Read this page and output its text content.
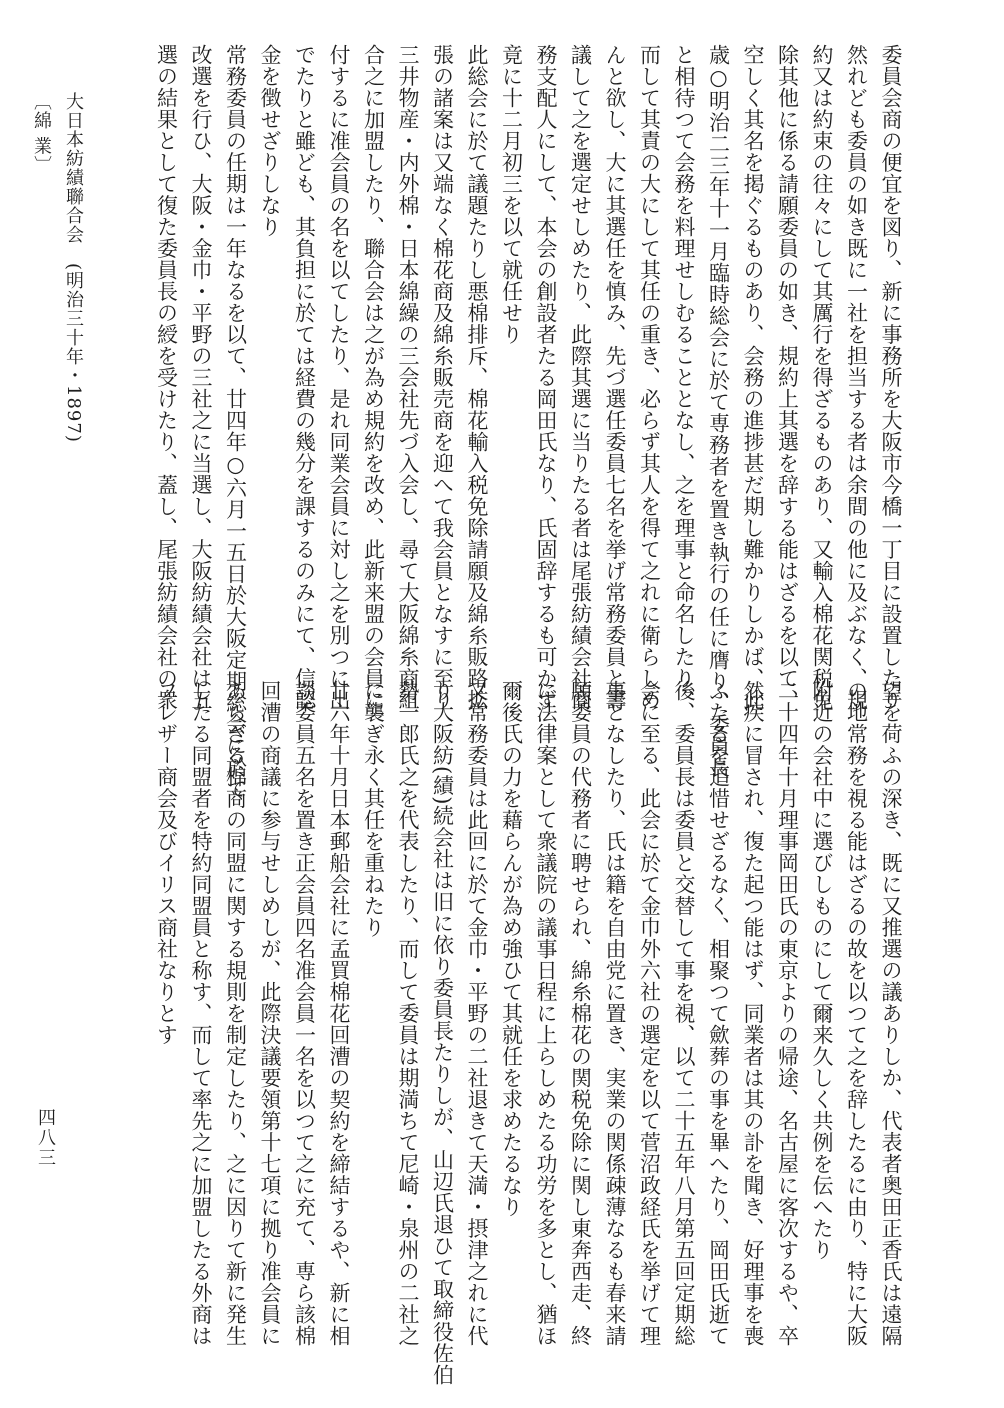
委員会商の便宜を図り、新に事務所を大阪市今橋一丁目に設置したり

然れども委員の如き既に一社を担当する者は余間の他に及ぶなく、規

約又は約束の往々にして其厲行を得ざるものあり、又輸入棉花関税免

除其他に係る請願委員の如き、規約上其選を辞する能はざるを以て、

空しく其名を掲ぐるものあり、会務の進捗甚だ期し難かりしかば、此

歳○明治二三年十一月臨時総会に於て専務者を置き執行の任に膺り、委員長

と相待つて会務を料理せしむることとなし、之を理事と命名したり、

而して其責の大にして其任の重き、必らず其人を得て之れに衛らしめ

んと欲し、大に其選任を慎み、先づ選任委員七名を挙げ常務委員と籌

議して之を選定せしめたり、此際其選に当りたる者は尾張紡績会社商

務支配人にして、本会の創設者たる岡田氏なり、氏固辞するも可かず

竟に十二月初三を以て就任せり

此総会に於て議題たりし悪棉排斥、棉花輸入税免除請願及綿糸販路拡

張の諸案は又端なく棉花商及綿糸販売商を迎へて我会員となすに至り

三井物産・内外棉・日本綿繰の三会社先づ入会し、尋て大阪綿糸商組

合之に加盟したり、聯合会は之が為め規約を改め、此新来盟の会員に

付するに准会員の名を以てしたり、是れ同業会員に対し之を別つに出

でたりと雖ども、其負担に於ては経費の幾分を課するのみにて、信認

金を徴せざりしなり

常務委員の任期は一年なるを以て、廿四年○六月一五日於大阪定期総会に於て

改選を行ひ、大阪・金巾・平野の三社之に当選し、大阪紡績会社は五

選の結果として復た委員長の綬を受けたり、蓋し、尾張紡績会社の衆

望を荷ふの深き、既に又推選の議ありしか、代表者奥田正香氏は遠隔

の地常務を視る能はざるの故を以つて之を辞したるに由り、特に大阪

附近の会社中に選びしものにして爾来久しく共例を伝へたり

二十四年十月理事岡田氏の東京よりの帰途、名古屋に客次するや、卒

然疾に冒され、復た起つ能はず、同業者は其の訃を聞き、好理事を喪

ふたるを追惜せざるなく、相聚つて歛葬の事を畢へたり、岡田氏逝て

後、委員長は委員と交替して事を視、以て二十五年八月第五回定期総

会に至る、此会に於て金巾外六社の選定を以て菅沼政経氏を挙げて理

事となしたり、氏は籍を自由党に置き、実業の関係疎薄なるも春来請

願委員の代務者に聘せられ、綿糸棉花の関税免除に関し東奔西走、終

に法律案として衆議院の議事日程に上らしめたる功労を多とし、猶ほ

爾後氏の力を藉らんが為め強ひて其就任を求めたるなり

又常務委員は此回に於て金巾・平野の二社退きて天満・摂津之れに代

り大阪紡(績)続会社は旧に依り委員長たりしが、山辺氏退ひて取締役佐伯

勢一郎氏之を代表したり、而して委員は期満ちて尼崎・泉州の二社之

に襲ぎ永く其任を重ねたり

廿六年十月日本郵船会社に孟買棉花回漕の契約を締結するや、新に相

談委員五名を置き正会員四名准会員一名を以つて之に充て、専ら該棉

回漕の商議に参与せしめしが、此際決議要領第十七項に拠り准会員に

あらざる棉商の同盟に関する規則を制定したり、之に因りて新に発生

したる同盟者を特約同盟員と称す、而して率先之に加盟したる外商は

フレザー商会及びイリス商社なりとす

〔綿 業〕 大日本紡績聯合会　(明治三十年・1897)
四八三
